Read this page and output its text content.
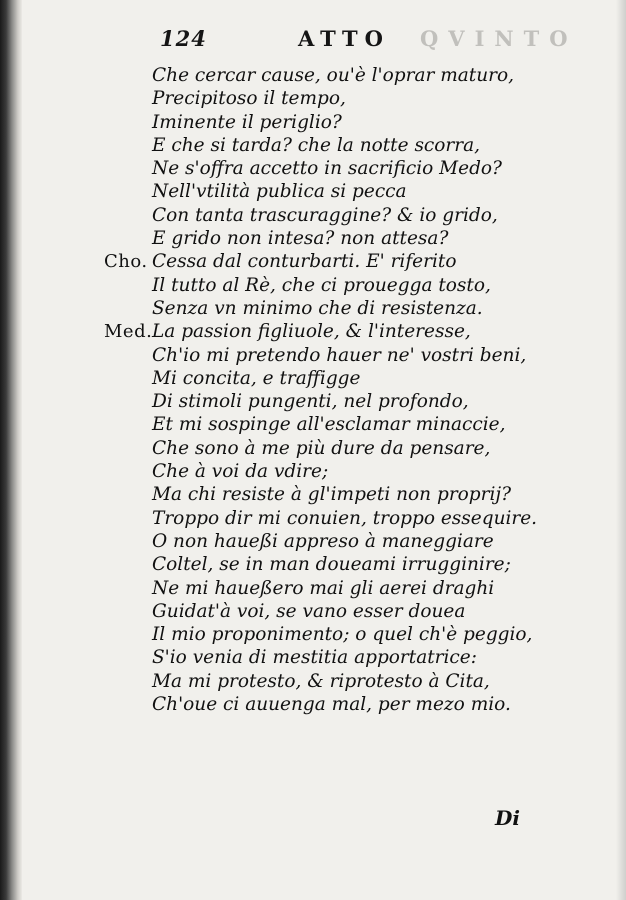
124	ATTO QVINTO
Che cercar cause, ou'è l'oprar maturo,
Precipitoso il tempo,
Iminente il periglio?
E che si tarda? che la notte scorra,
Ne s'offra accetto in sacrificio Medo?
Nell'vtilità publica si pecca
Con tanta trascuraggine? & io grido,
E grido non intesa? non attesa?
Cho. Cessa dal conturbarti. E' riferito
Il tutto al Rè, che ci prouegga tosto,
Senza vn minimo che di resistenza.
Med. La passion figliuole, & l'interesse,
Ch'io mi pretendo hauer ne' vostri beni,
Mi concita, e traffigge
Di stimoli pungenti, nel profondo,
Et mi sospinge all'esclamar minaccie,
Che sono à me più dure da pensare,
Che à voi da vdire;
Ma chi resiste à gl'impeti non proprij?
Troppo dir mi conuien, troppo essequire.
O non haueßi appreso à maneggiare
Coltel, se in man doueami irrugginire;
Ne mi haueßero mai gli aerei draghi
Guidat'à voi, se vano esser douea
Il mio proponimento; o quel ch'è peggio,
S'io venia di mestitia apportatrice:
Ma mi protesto, & riprotesto à Cita,
Ch'oue ci auuenga mal, per mezo mio.
Di
